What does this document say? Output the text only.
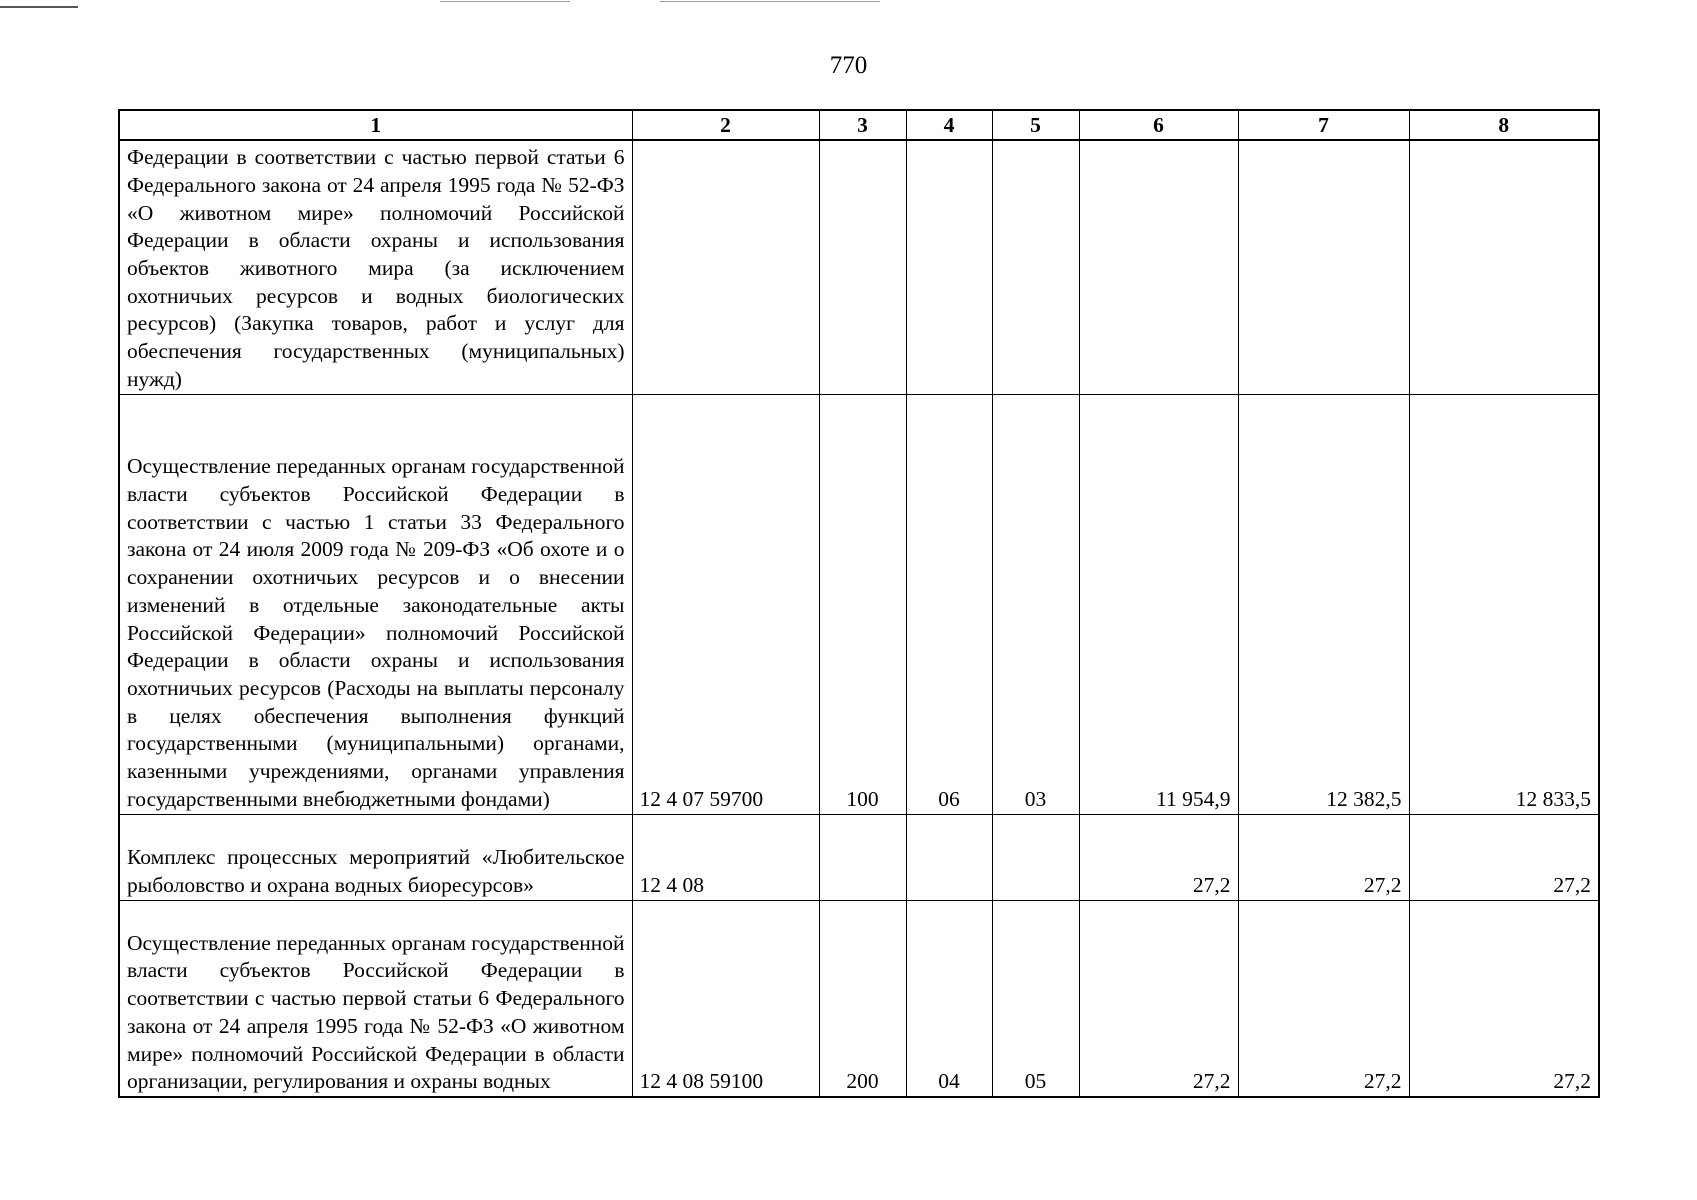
770
1	2	3	4	5	6	7	8
Федерации в соответствии с частью первой статьи 6 Федерального закона от 24 апреля 1995 года № 52-ФЗ «О животном мире» полномочий Российской Федерации в области охраны и использования объектов животного мира (за исключением охотничьих ресурсов и водных биологических ресурсов) (Закупка товаров, работ и услуг для обеспечения государственных (муниципальных) нужд)							
Осуществление переданных органам государственной власти субъектов Российской Федерации в соответствии с частью 1 статьи 33 Федерального закона от 24 июля 2009 года № 209-ФЗ «Об охоте и о сохранении охотничьих ресурсов и о внесении изменений в отдельные законодательные акты Российской Федерации» полномочий Российской Федерации в области охраны и использования охотничьих ресурсов (Расходы на выплаты персоналу в целях обеспечения выполнения функций государственными (муниципальными) органами, казенными учреждениями, органами управления государственными внебюджетными фондами)	12 4 07 59700	100	06	03	11 954,9	12 382,5	12 833,5
Комплекс процессных мероприятий «Любительское рыболовство и охрана водных биоресурсов»	12 4 08				27,2	27,2	27,2
Осуществление переданных органам государственной власти субъектов Российской Федерации в соответствии с частью первой статьи 6 Федерального закона от 24 апреля 1995 года № 52-ФЗ «О животном мире» полномочий Российской Федерации в области организации, регулирования и охраны водных	12 4 08 59100	200	04	05	27,2	27,2	27,2
